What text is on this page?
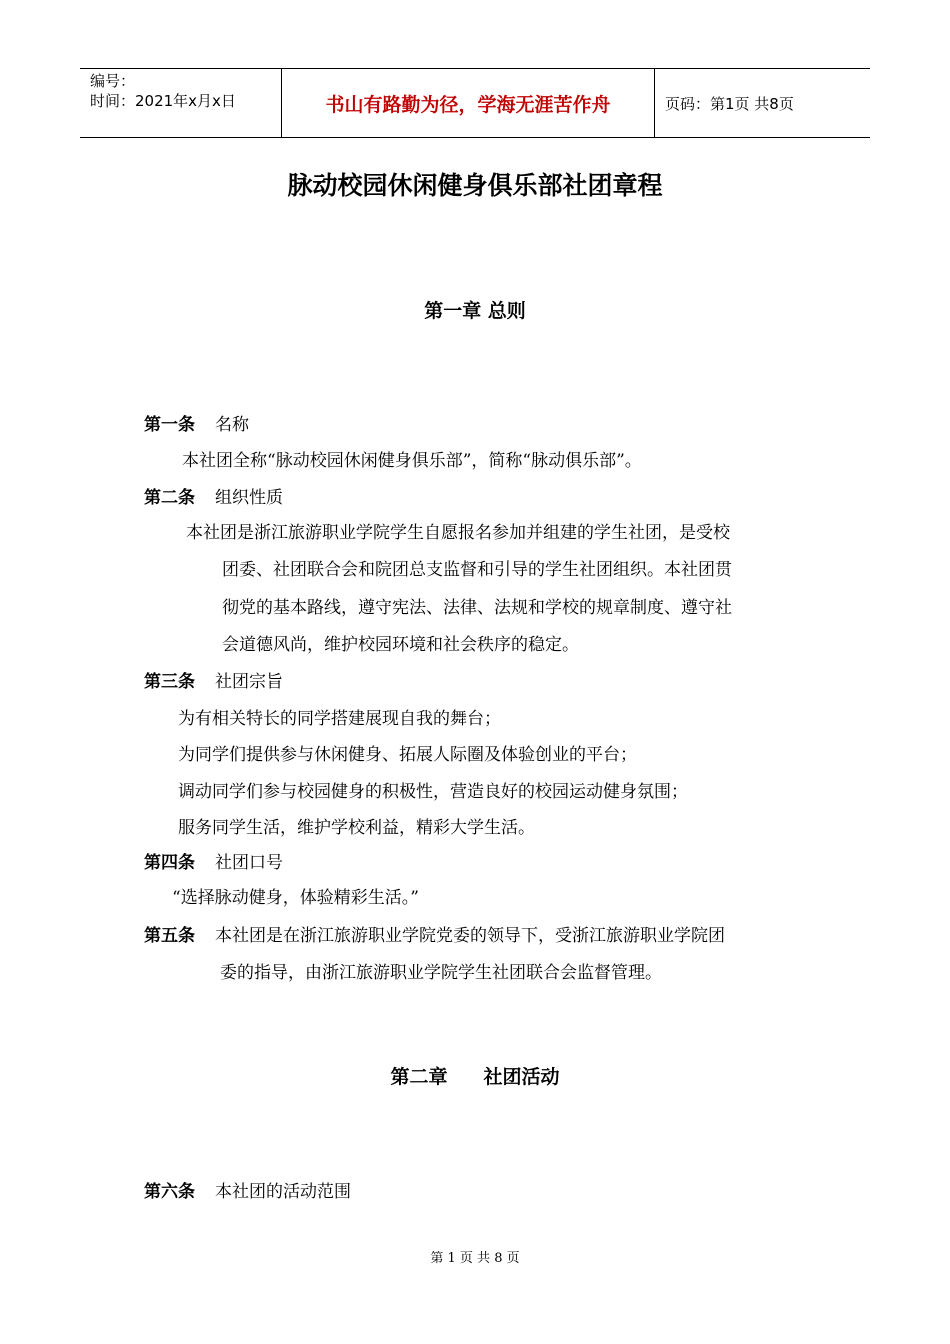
编号：
时间：2021年x月x日	书山有路勤为径，学海无涯苦作舟	页码：第1页 共8页
脉动校园休闲健身俱乐部社团章程
第一章 总则
第一条 名称
本社团全称“脉动校园休闲健身俱乐部”，简称“脉动俱乐部”。
第二条 组织性质
本社团是浙江旅游职业学院学生自愿报名参加并组建的学生社团，是受校
团委、社团联合会和院团总支监督和引导的学生社团组织。本社团贯
彻党的基本路线，遵守宪法、法律、法规和学校的规章制度、遵守社
会道德风尚，维护校园环境和社会秩序的稳定。
第三条 社团宗旨
为有相关特长的同学搭建展现自我的舞台；
为同学们提供参与休闲健身、拓展人际圈及体验创业的平台；
调动同学们参与校园健身的积极性，营造良好的校园运动健身氛围；
服务同学生活，维护学校利益，精彩大学生活。
第四条 社团口号
“选择脉动健身，体验精彩生活。”
第五条 本社团是在浙江旅游职业学院党委的领导下，受浙江旅游职业学院团
委的指导，由浙江旅游职业学院学生社团联合会监督管理。
第二章 社团活动
第六条 本社团的活动范围
第 1 页 共 8 页
